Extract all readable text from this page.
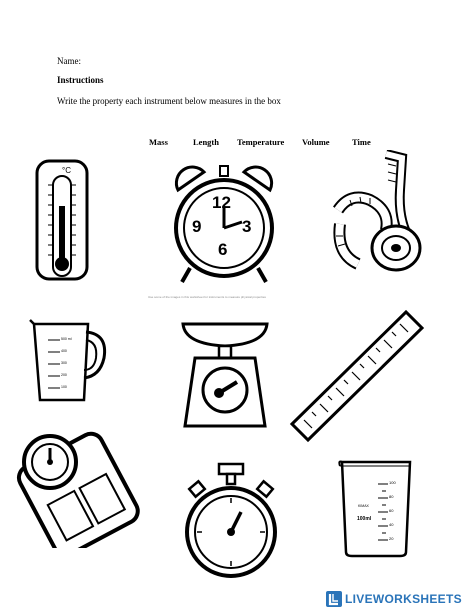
Name:
Instructions
Write the property each instrument below measures in the box
Mass	Length Temperature Volume	Time
°C
12
3
6
9
Use some of the images in this worksheet for instruments to measure physical properties
500 ml
400
300
200
100
100
80
60
40
20
KIMAX
100ml
LIVEWORKSHEETS
